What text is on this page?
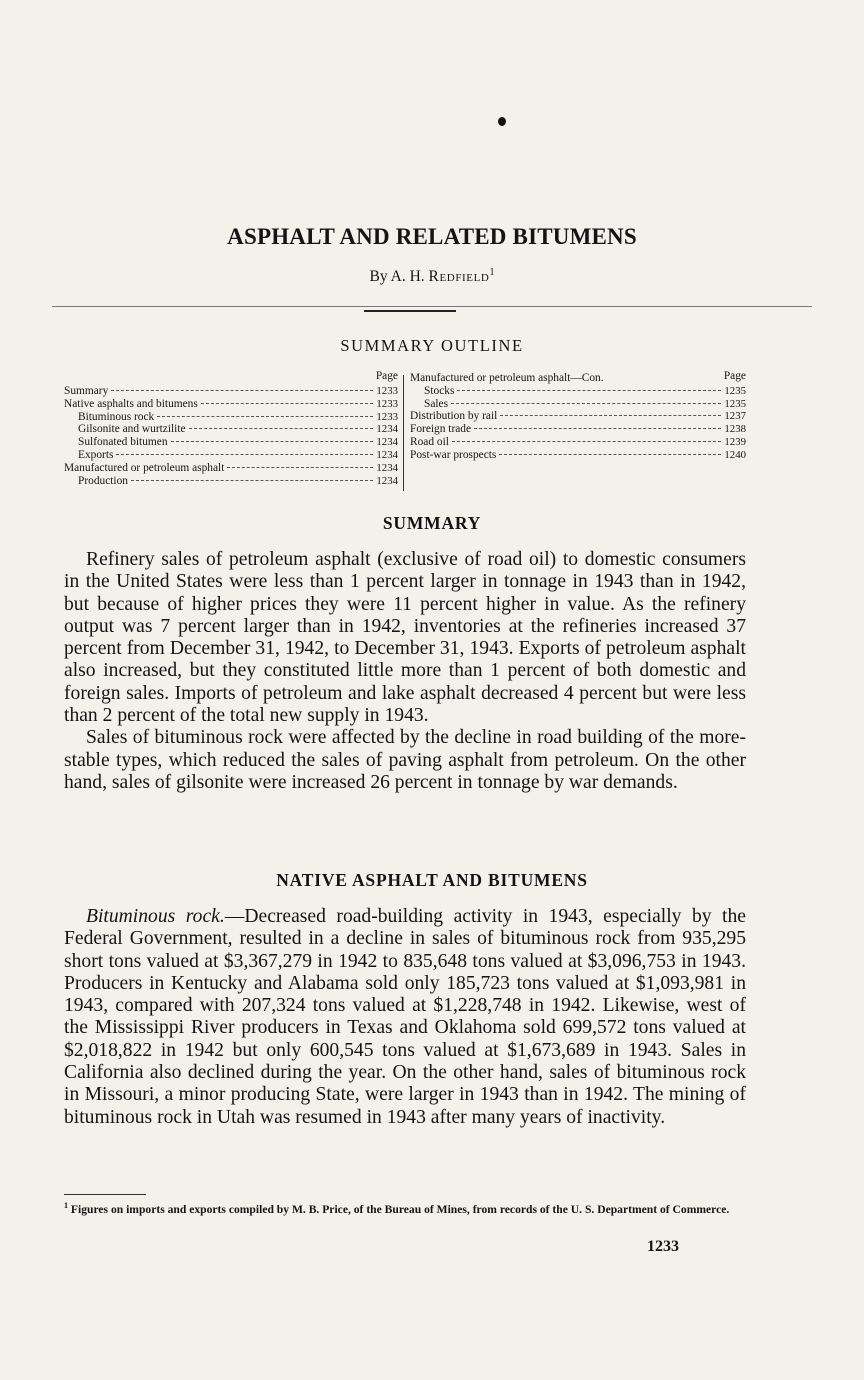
ASPHALT AND RELATED BITUMENS
By A. H. Redfield$^1$
SUMMARY OUTLINE
Page
Summary	1233
Native asphalts and bitumens	1233
Bituminous rock	1233
Gilsonite and wurtzilite	1234
Sulfonated bitumen	1234
Exports	1234
Manufactured or petroleum asphalt	1234
Production	1234
Page
Manufactured or petroleum asphalt—Con.
Stocks	1235
Sales	1235
Distribution by rail	1237
Foreign trade	1238
Road oil	1239
Post-war prospects	1240
SUMMARY

Refinery sales of petroleum asphalt (exclusive of road oil) to domestic consumers in the United States were less than 1 percent larger in tonnage in 1943 than in 1942, but because of higher prices they were 11 percent higher in value. As the refinery output was 7 percent larger than in 1942, inventories at the refineries increased 37 percent from December 31, 1942, to December 31, 1943. Exports of petroleum asphalt also increased, but they constituted little more than 1 percent of both domestic and foreign sales. Imports of petroleum and lake asphalt decreased 4 percent but were less than 2 percent of the total new supply in 1943.

Sales of bituminous rock were affected by the decline in road building of the more-stable types, which reduced the sales of paving asphalt from petroleum. On the other hand, sales of gilsonite were increased 26 percent in tonnage by war demands.

NATIVE ASPHALT AND BITUMENS

Bituminous rock.—Decreased road-building activity in 1943, especially by the Federal Government, resulted in a decline in sales of bituminous rock from 935,295 short tons valued at $3,367,279 in 1942 to 835,648 tons valued at $3,096,753 in 1943. Producers in Kentucky and Alabama sold only 185,723 tons valued at $1,093,981 in 1943, compared with 207,324 tons valued at $1,228,748 in 1942. Likewise, west of the Mississippi River producers in Texas and Oklahoma sold 699,572 tons valued at $2,018,822 in 1942 but only 600,545 tons valued at $1,673,689 in 1943. Sales in California also declined during the year. On the other hand, sales of bituminous rock in Missouri, a minor producing State, were larger in 1943 than in 1942. The mining of bituminous rock in Utah was resumed in 1943 after many years of inactivity.

$^1$ Figures on imports and exports compiled by M. B. Price, of the Bureau of Mines, from records of the U. S. Department of Commerce.
1233
